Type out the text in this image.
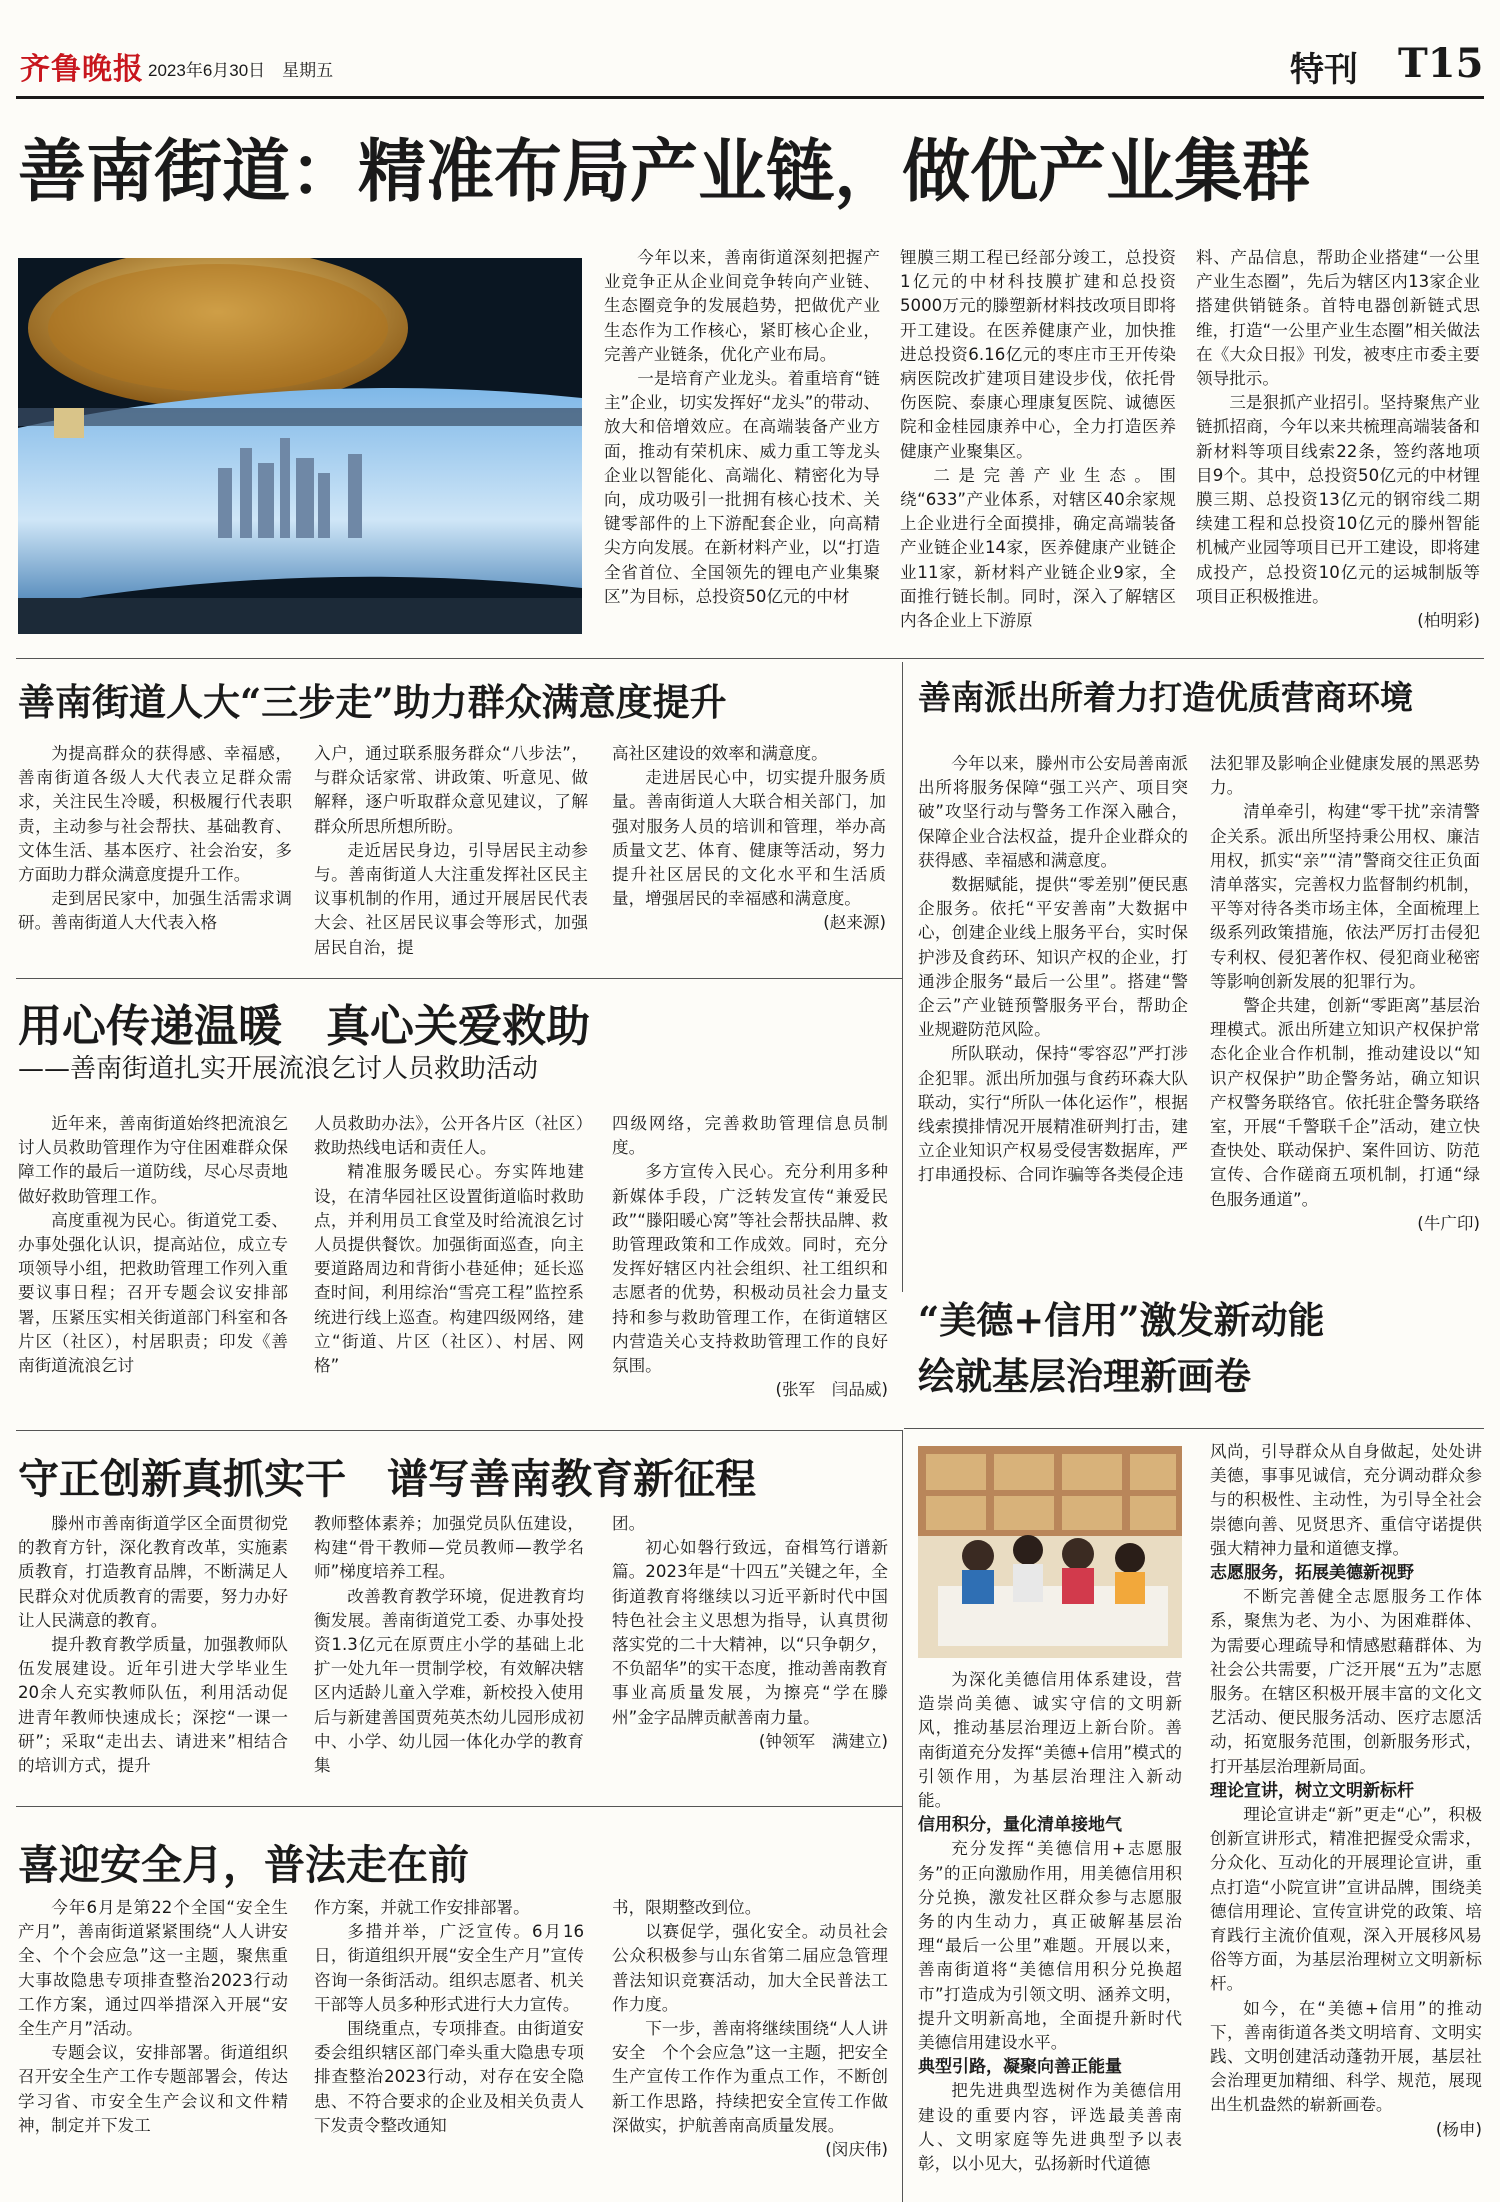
齐鲁晚报 2023年6月30日　星期五	特刊 T15
善南街道：精准布局产业链，做优产业集群

今年以来，善南街道深刻把握产业竞争正从企业间竞争转向产业链、生态圈竞争的发展趋势，把做优产业生态作为工作核心，紧盯核心企业，完善产业链条，优化产业布局。

一是培育产业龙头。着重培育“链主”企业，切实发挥好“龙头”的带动、放大和倍增效应。在高端装备产业方面，推动有荣机床、威力重工等龙头企业以智能化、高端化、精密化为导向，成功吸引一批拥有核心技术、关键零部件的上下游配套企业，向高精尖方向发展。在新材料产业，以“打造全省首位、全国领先的锂电产业集聚区”为目标，总投资50亿元的中材

锂膜三期工程已经部分竣工，总投资1亿元的中材科技膜扩建和总投资5000万元的滕塑新材料技改项目即将开工建设。在医养健康产业，加快推进总投资6.16亿元的枣庄市王开传染病医院改扩建项目建设步伐，依托骨伤医院、泰康心理康复医院、诚德医院和金桂园康养中心，全力打造医养健康产业聚集区。

二是完善产业生态。围绕“633”产业体系，对辖区40余家规上企业进行全面摸排，确定高端装备产业链企业14家，医养健康产业链企业11家，新材料产业链企业9家，全面推行链长制。同时，深入了解辖区内各企业上下游原

料、产品信息，帮助企业搭建“一公里产业生态圈”，先后为辖区内13家企业搭建供销链条。首特电器创新链式思维，打造“一公里产业生态圈”相关做法在《大众日报》刊发，被枣庄市委主要领导批示。

三是狠抓产业招引。坚持聚焦产业链抓招商，今年以来共梳理高端装备和新材料等项目线索22条，签约落地项目9个。其中，总投资50亿元的中材锂膜三期、总投资13亿元的钢帘线二期续建工程和总投资10亿元的滕州智能机械产业园等项目已开工建设，即将建成投产，总投资10亿元的运城制版等项目正积极推进。

(柏明彩)
善南街道人大“三步走”助力群众满意度提升

为提高群众的获得感、幸福感，善南街道各级人大代表立足群众需求，关注民生冷暖，积极履行代表职责，主动参与社会帮扶、基础教育、文体生活、基本医疗、社会治安，多方面助力群众满意度提升工作。

走到居民家中，加强生活需求调研。善南街道人大代表入格

入户，通过联系服务群众“八步法”，与群众话家常、讲政策、听意见、做解释，逐户听取群众意见建议，了解群众所思所想所盼。

走近居民身边，引导居民主动参与。善南街道人大注重发挥社区民主议事机制的作用，通过开展居民代表大会、社区居民议事会等形式，加强居民自治，提

高社区建设的效率和满意度。

走进居民心中，切实提升服务质量。善南街道人大联合相关部门，加强对服务人员的培训和管理，举办高质量文艺、体育、健康等活动，努力提升社区居民的文化水平和生活质量，增强居民的幸福感和满意度。

(赵来源)
善南派出所着力打造优质营商环境

今年以来，滕州市公安局善南派出所将服务保障“强工兴产、项目突破”攻坚行动与警务工作深入融合，保障企业合法权益，提升企业群众的获得感、幸福感和满意度。

数据赋能，提供“零差别”便民惠企服务。依托“平安善南”大数据中心，创建企业线上服务平台，实时保护涉及食药环、知识产权的企业，打通涉企服务“最后一公里”。搭建“警企云”产业链预警服务平台，帮助企业规避防范风险。

所队联动，保持“零容忍”严打涉企犯罪。派出所加强与食药环森大队联动，实行“所队一体化运作”，根据线索摸排情况开展精准研判打击，建立企业知识产权易受侵害数据库，严打串通投标、合同诈骗等各类侵企违

法犯罪及影响企业健康发展的黑恶势力。

清单牵引，构建“零干扰”亲清警企关系。派出所坚持秉公用权、廉洁用权，抓实“亲”“清”警商交往正负面清单落实，完善权力监督制约机制，平等对待各类市场主体，全面梳理上级系列政策措施，依法严厉打击侵犯专利权、侵犯著作权、侵犯商业秘密等影响创新发展的犯罪行为。

警企共建，创新“零距离”基层治理模式。派出所建立知识产权保护常态化企业合作机制，推动建设以“知识产权保护”助企警务站，确立知识产权警务联络官。依托驻企警务联络室，开展“千警联千企”活动，建立快查快处、联动保护、案件回访、防范宣传、合作磋商五项机制，打通“绿色服务通道”。

(牛广印)
用心传递温暖　真心关爱救助
——善南街道扎实开展流浪乞讨人员救助活动

近年来，善南街道始终把流浪乞讨人员救助管理作为守住困难群众保障工作的最后一道防线，尽心尽责地做好救助管理工作。

高度重视为民心。街道党工委、办事处强化认识，提高站位，成立专项领导小组，把救助管理工作列入重要议事日程；召开专题会议安排部署，压紧压实相关街道部门科室和各片区（社区），村居职责；印发《善南街道流浪乞讨

人员救助办法》，公开各片区（社区）救助热线电话和责任人。

精准服务暖民心。夯实阵地建设，在清华园社区设置街道临时救助点，并利用员工食堂及时给流浪乞讨人员提供餐饮。加强街面巡查，向主要道路周边和背街小巷延伸；延长巡查时间，利用综治“雪亮工程”监控系统进行线上巡查。构建四级网络，建立“街道、片区（社区）、村居、网格”

四级网络，完善救助管理信息员制度。

多方宣传入民心。充分利用多种新媒体手段，广泛转发宣传“兼爱民政”“滕阳暖心窝”等社会帮扶品牌、救助管理政策和工作成效。同时，充分发挥好辖区内社会组织、社工组织和志愿者的优势，积极动员社会力量支持和参与救助管理工作，在街道辖区内营造关心支持救助管理工作的良好氛围。

(张军　闫品威)
“美德+信用”激发新动能
绘就基层治理新画卷

为深化美德信用体系建设，营造崇尚美德、诚实守信的文明新风，推动基层治理迈上新台阶。善南街道充分发挥“美德+信用”模式的引领作用，为基层治理注入新动能。

信用积分，量化清单接地气

充分发挥“美德信用+志愿服务”的正向激励作用，用美德信用积分兑换，激发社区群众参与志愿服务的内生动力，真正破解基层治理“最后一公里”难题。开展以来，善南街道将“美德信用积分兑换超市”打造成为引领文明、涵养文明，提升文明新高地，全面提升新时代美德信用建设水平。

典型引路，凝聚向善正能量

把先进典型选树作为美德信用建设的重要内容，评选最美善南人、文明家庭等先进典型予以表彰，以小见大，弘扬新时代道德

风尚，引导群众从自身做起，处处讲美德，事事见诚信，充分调动群众参与的积极性、主动性，为引导全社会崇德向善、见贤思齐、重信守诺提供强大精神力量和道德支撑。

志愿服务，拓展美德新视野

不断完善健全志愿服务工作体系，聚焦为老、为小、为困难群体、为需要心理疏导和情感慰藉群体、为社会公共需要，广泛开展“五为”志愿服务。在辖区积极开展丰富的文化文艺活动、便民服务活动、医疗志愿活动，拓宽服务范围，创新服务形式，打开基层治理新局面。

理论宣讲，树立文明新标杆

理论宣讲走“新”更走“心”，积极创新宣讲形式，精准把握受众需求，分众化、互动化的开展理论宣讲，重点打造“小院宣讲”宣讲品牌，围绕美德信用理论、宣传宣讲党的政策、培育践行主流价值观，深入开展移风易俗等方面，为基层治理树立文明新标杆。

如今，在“美德+信用”的推动下，善南街道各类文明培育、文明实践、文明创建活动蓬勃开展，基层社会治理更加精细、科学、规范，展现出生机盎然的崭新画卷。

(杨申)
守正创新真抓实干　谱写善南教育新征程

滕州市善南街道学区全面贯彻党的教育方针，深化教育改革，实施素质教育，打造教育品牌，不断满足人民群众对优质教育的需要，努力办好让人民满意的教育。

提升教育教学质量，加强教师队伍发展建设。近年引进大学毕业生20余人充实教师队伍，利用活动促进青年教师快速成长；深挖“一课一研”；采取“走出去、请进来”相结合的培训方式，提升

教师整体素养；加强党员队伍建设，构建“骨干教师—党员教师—教学名师”梯度培养工程。

改善教育教学环境，促进教育均衡发展。善南街道党工委、办事处投资1.3亿元在原贾庄小学的基础上北扩一处九年一贯制学校，有效解决辖区内适龄儿童入学难，新校投入使用后与新建善国贾苑英杰幼儿园形成初中、小学、幼儿园一体化办学的教育集

团。

初心如磐行致远，奋楫笃行谱新篇。2023年是“十四五”关键之年，全街道教育将继续以习近平新时代中国特色社会主义思想为指导，认真贯彻落实党的二十大精神，以“只争朝夕，不负韶华”的实干态度，推动善南教育事业高质量发展，为擦亮“学在滕州”金字品牌贡献善南力量。

(钟领军　满建立)
喜迎安全月，普法走在前

今年6月是第22个全国“安全生产月”，善南街道紧紧围绕“人人讲安全、个个会应急”这一主题，聚焦重大事故隐患专项排查整治2023行动工作方案，通过四举措深入开展“安全生产月”活动。

专题会议，安排部署。街道组织召开安全生产工作专题部署会，传达学习省、市安全生产会议和文件精神，制定并下发工

作方案，并就工作安排部署。

多措并举，广泛宣传。6月16日，街道组织开展“安全生产月”宣传咨询一条街活动。组织志愿者、机关干部等人员多种形式进行大力宣传。

围绕重点，专项排查。由街道安委会组织辖区部门牵头重大隐患专项排查整治2023行动，对存在安全隐患、不符合要求的企业及相关负责人下发责令整改通知

书，限期整改到位。

以赛促学，强化安全。动员社会公众积极参与山东省第二届应急管理普法知识竞赛活动，加大全民普法工作力度。

下一步，善南将继续围绕“人人讲安全　个个会应急”这一主题，把安全生产宣传工作作为重点工作，不断创新工作思路，持续把安全宣传工作做深做实，护航善南高质量发展。

(闵庆伟)
